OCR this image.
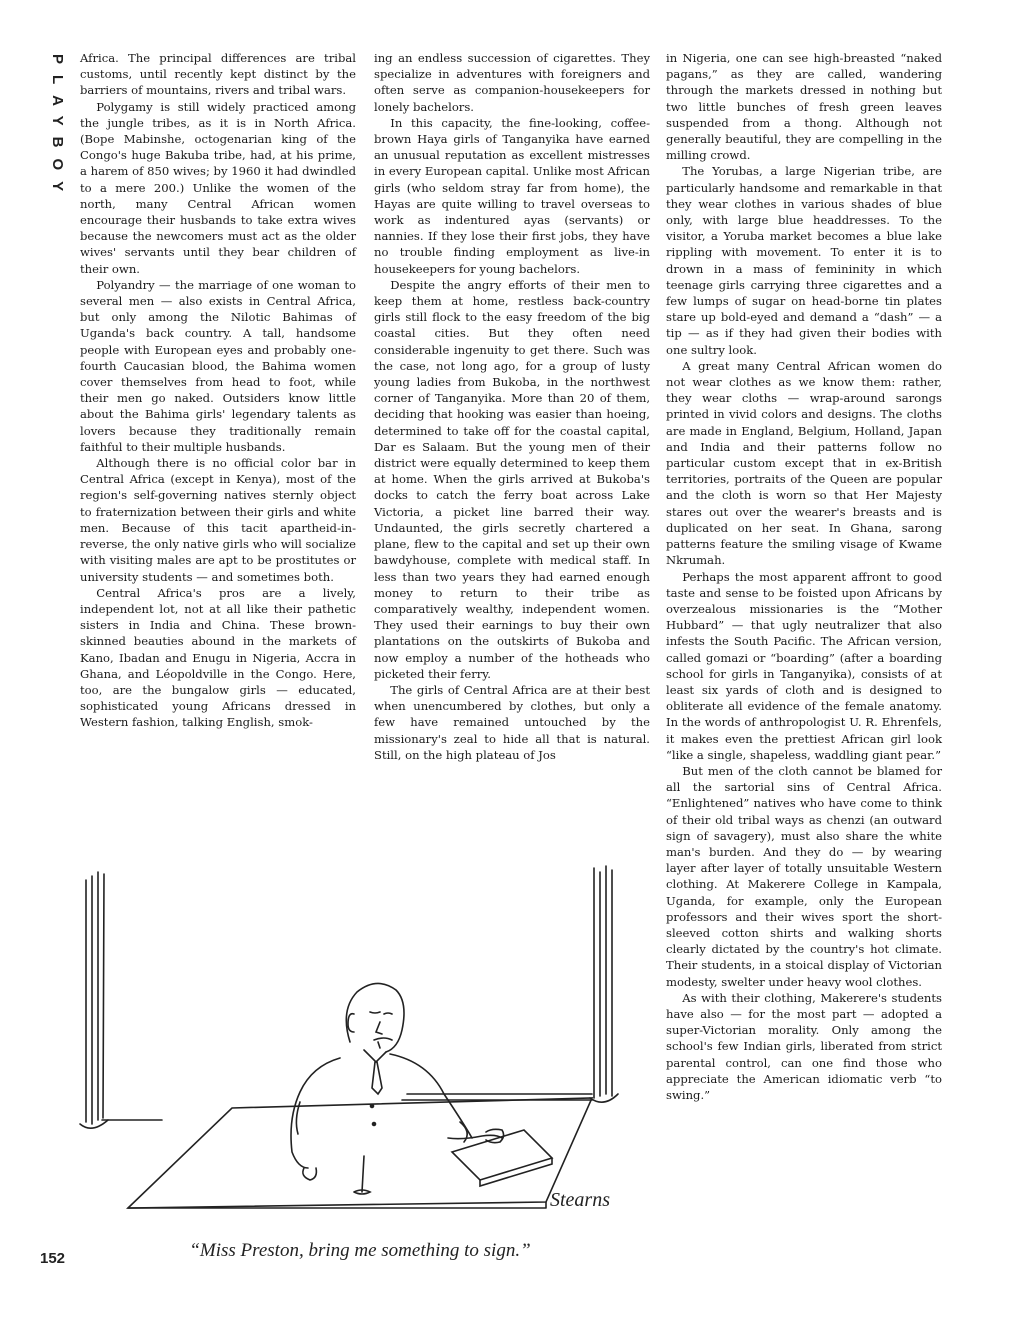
PLAYBOY Africa. The principal differences are tribal customs, until recently kept distinct by the barriers of mountains, rivers and tribal wars.

Polygamy is still widely practiced among the jungle tribes, as it is in North Africa. (Bope Mabinshe, octogenarian king of the Congo's huge Bakuba tribe, had, at his prime, a harem of 850 wives; by 1960 it had dwindled to a mere 200.) Unlike the women of the north, many Central African women encourage their husbands to take extra wives because the newcomers must act as the older wives' servants until they bear children of their own.

Polyandry — the marriage of one woman to several men — also exists in Central Africa, but only among the Nilotic Bahimas of Uganda's back country. A tall, handsome people with European eyes and probably one-fourth Caucasian blood, the Bahima women cover themselves from head to foot, while their men go naked. Outsiders know little about the Bahima girls' legendary talents as lovers because they traditionally remain faithful to their multiple husbands.

Although there is no official color bar in Central Africa (except in Kenya), most of the region's self-governing natives sternly object to fraternization between their girls and white men. Because of this tacit apartheid-in-reverse, the only native girls who will socialize with visiting males are apt to be prostitutes or university students — and sometimes both.

Central Africa's pros are a lively, independent lot, not at all like their pathetic sisters in India and China. These brown-skinned beauties abound in the markets of Kano, Ibadan and Enugu in Nigeria, Accra in Ghana, and Léopoldville in the Congo. Here, too, are the bungalow girls — educated, sophisticated young Africans dressed in Western fashion, talking English, smok-

ing an endless succession of cigarettes. They specialize in adventures with foreigners and often serve as companion-housekeepers for lonely bachelors.

In this capacity, the fine-looking, coffee-brown Haya girls of Tanganyika have earned an unusual reputation as excellent mistresses in every European capital. Unlike most African girls (who seldom stray far from home), the Hayas are quite willing to travel overseas to work as indentured ayas (servants) or nannies. If they lose their first jobs, they have no trouble finding employment as live-in housekeepers for young bachelors.

Despite the angry efforts of their men to keep them at home, restless back-country girls still flock to the easy freedom of the big coastal cities. But they often need considerable ingenuity to get there. Such was the case, not long ago, for a group of lusty young ladies from Bukoba, in the northwest corner of Tanganyika. More than 20 of them, deciding that hooking was easier than hoeing, determined to take off for the coastal capital, Dar es Salaam. But the young men of their district were equally determined to keep them at home. When the girls arrived at Bukoba's docks to catch the ferry boat across Lake Victoria, a picket line barred their way. Undaunted, the girls secretly chartered a plane, flew to the capital and set up their own bawdyhouse, complete with medical staff. In less than two years they had earned enough money to return to their tribe as comparatively wealthy, independent women. They used their earnings to buy their own plantations on the outskirts of Bukoba and now employ a number of the hotheads who picketed their ferry.

The girls of Central Africa are at their best when unencumbered by clothes, but only a few have remained untouched by the missionary's zeal to hide all that is natural. Still, on the high plateau of Jos

in Nigeria, one can see high-breasted “naked pagans,” as they are called, wandering through the markets dressed in nothing but two little bunches of fresh green leaves suspended from a thong. Although not generally beautiful, they are compelling in the milling crowd.

The Yorubas, a large Nigerian tribe, are particularly handsome and remarkable in that they wear clothes in various shades of blue only, with large blue headdresses. To the visitor, a Yoruba market becomes a blue lake rippling with movement. To enter it is to drown in a mass of femininity in which teenage girls carrying three cigarettes and a few lumps of sugar on head-borne tin plates stare up bold-eyed and demand a “dash” — a tip — as if they had given their bodies with one sultry look.

A great many Central African women do not wear clothes as we know them: rather, they wear cloths — wrap-around sarongs printed in vivid colors and designs. The cloths are made in England, Belgium, Holland, Japan and India and their patterns follow no particular custom except that in ex-British territories, portraits of the Queen are popular and the cloth is worn so that Her Majesty stares out over the wearer's breasts and is duplicated on her seat. In Ghana, sarong patterns feature the smiling visage of Kwame Nkrumah.

Perhaps the most apparent affront to good taste and sense to be foisted upon Africans by overzealous missionaries is the “Mother Hubbard” — that ugly neutralizer that also infests the South Pacific. The African version, called gomazi or “boarding” (after a boarding school for girls in Tanganyika), consists of at least six yards of cloth and is designed to obliterate all evidence of the female anatomy. In the words of anthropologist U. R. Ehrenfels, it makes even the prettiest African girl look “like a single, shapeless, waddling giant pear.”

But men of the cloth cannot be blamed for all the sartorial sins of Central Africa. “Enlightened” natives who have come to think of their old tribal ways as chenzi (an outward sign of savagery), must also share the white man's burden. And they do — by wearing layer after layer of totally unsuitable Western clothing. At Makerere College in Kampala, Uganda, for example, only the European professors and their wives sport the short-sleeved cotton shirts and walking shorts clearly dictated by the country's hot climate. Their students, in a stoical display of Victorian modesty, swelter under heavy wool clothes.

As with their clothing, Makerere's students have also — for the most part — adopted a super-Victorian morality. Only among the school's few Indian girls, liberated from strict parental control, can one find those who appreciate the American idiomatic verb “to swing.”

Stearns
“Miss Preston, bring me something to sign.”
152
